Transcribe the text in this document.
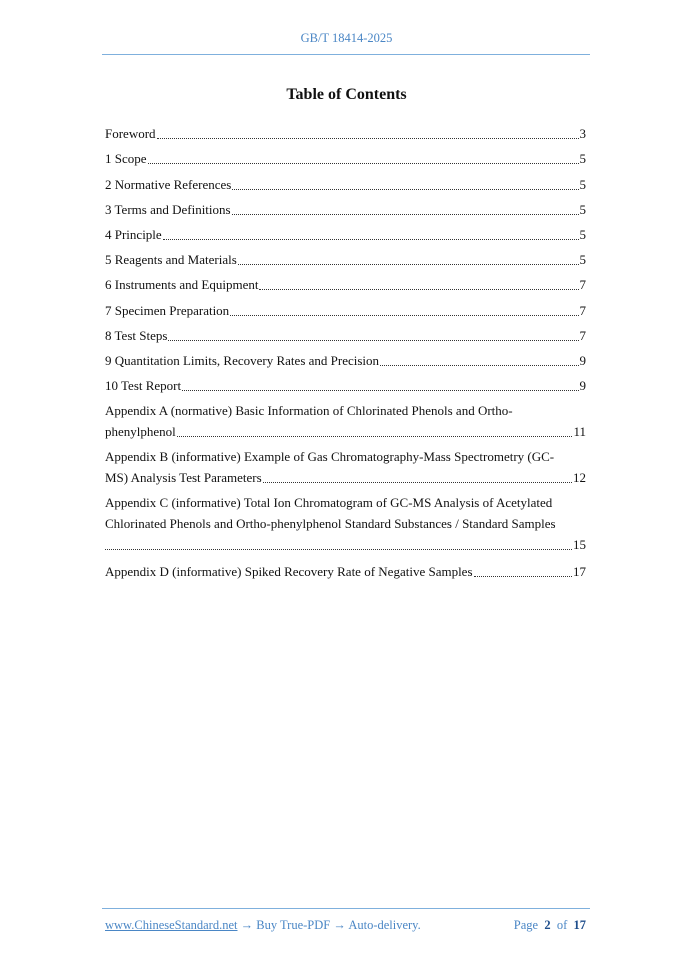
GB/T 18414-2025
Table of Contents
Foreword	3
1 Scope	5
2 Normative References	5
3 Terms and Definitions	5
4 Principle	5
5 Reagents and Materials	5
6 Instruments and Equipment	7
7 Specimen Preparation	7
8 Test Steps	7
9 Quantitation Limits, Recovery Rates and Precision	9
10 Test Report	9
Appendix A (normative) Basic Information of Chlorinated Phenols and Ortho-
phenylphenol	11
Appendix B (informative) Example of Gas Chromatography-Mass Spectrometry (GC-
MS) Analysis Test Parameters	12
Appendix C (informative) Total Ion Chromatogram of GC-MS Analysis of Acetylated
Chlorinated Phenols and Ortho-phenylphenol Standard Substances / Standard Samples
15
Appendix D (informative) Spiked Recovery Rate of Negative Samples	17
www.ChineseStandard.net → Buy True-PDF → Auto-delivery.	Page 2 of 17
